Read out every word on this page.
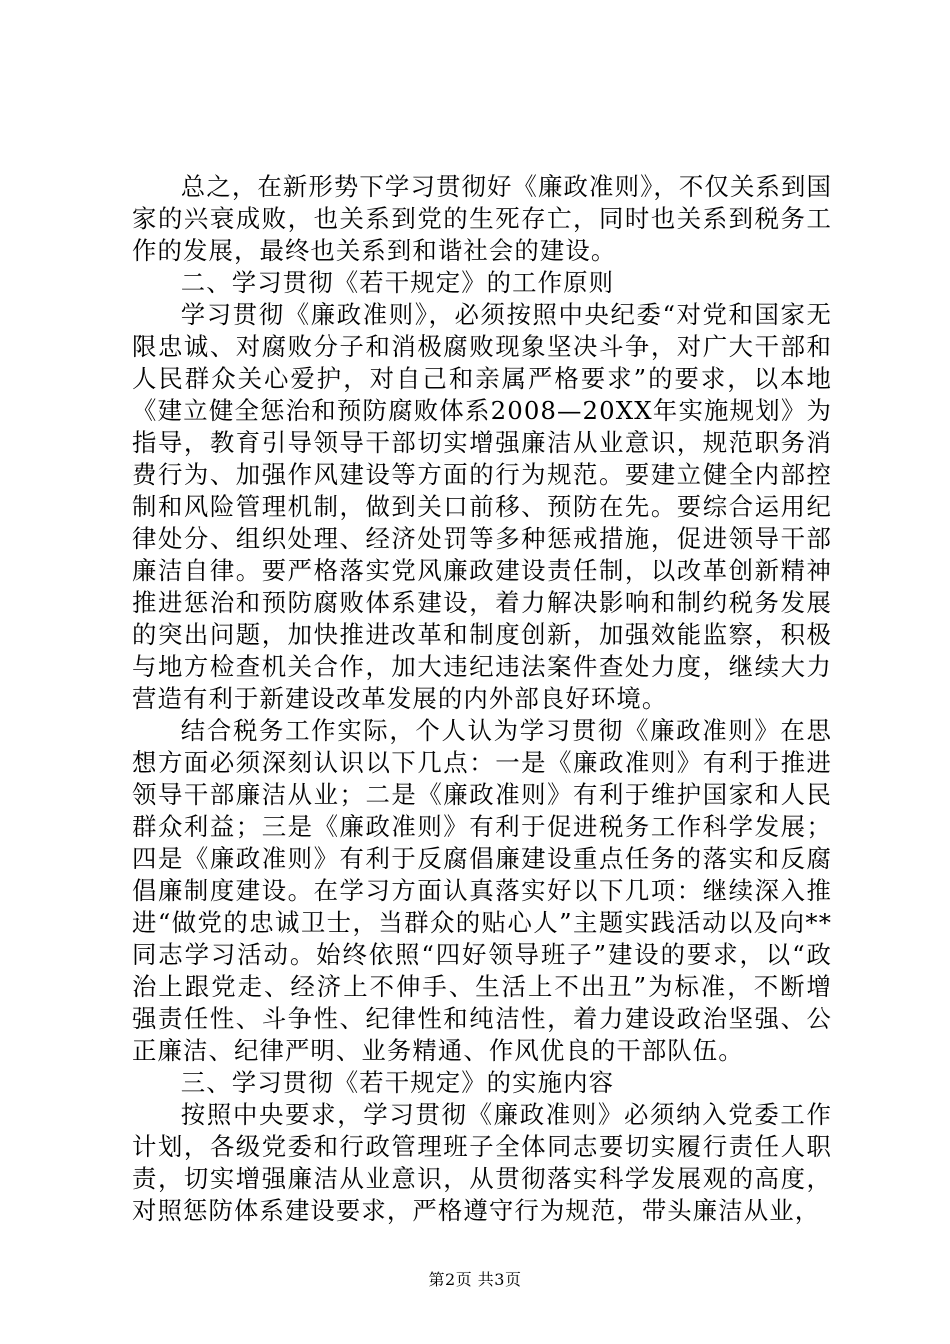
总之，在新形势下学习贯彻好《廉政准则》，不仅关系到国家的兴衰成败，也关系到党的生死存亡，同时也关系到税务工作的发展，最终也关系到和谐社会的建设。

二、学习贯彻《若干规定》的工作原则

学习贯彻《廉政准则》，必须按照中央纪委“对党和国家无限忠诚、对腐败分子和消极腐败现象坚决斗争，对广大干部和人民群众关心爱护，对自己和亲属严格要求”的要求，以本地《建立健全惩治和预防腐败体系2008—20XX年实施规划》为指导，教育引导领导干部切实增强廉洁从业意识，规范职务消费行为、加强作风建设等方面的行为规范。要建立健全内部控制和风险管理机制，做到关口前移、预防在先。要综合运用纪律处分、组织处理、经济处罚等多种惩戒措施，促进领导干部廉洁自律。要严格落实党风廉政建设责任制，以改革创新精神推进惩治和预防腐败体系建设，着力解决影响和制约税务发展的突出问题，加快推进改革和制度创新，加强效能监察，积极与地方检查机关合作，加大违纪违法案件查处力度，继续大力营造有利于新建设改革发展的内外部良好环境。

结合税务工作实际，个人认为学习贯彻《廉政准则》在思想方面必须深刻认识以下几点：一是《廉政准则》有利于推进领导干部廉洁从业；二是《廉政准则》有利于维护国家和人民群众利益；三是《廉政准则》有利于促进税务工作科学发展；四是《廉政准则》有利于反腐倡廉建设重点任务的落实和反腐倡廉制度建设。在学习方面认真落实好以下几项：继续深入推进“做党的忠诚卫士，当群众的贴心人”主题实践活动以及向**同志学习活动。始终依照“四好领导班子”建设的要求，以“政治上跟党走、经济上不伸手、生活上不出丑”为标准，不断增强责任性、斗争性、纪律性和纯洁性，着力建设政治坚强、公正廉洁、纪律严明、业务精通、作风优良的干部队伍。

三、学习贯彻《若干规定》的实施内容

按照中央要求，学习贯彻《廉政准则》必须纳入党委工作计划，各级党委和行政管理班子全体同志要切实履行责任人职责，切实增强廉洁从业意识，从贯彻落实科学发展观的高度，对照惩防体系建设要求，严格遵守行为规范，带头廉洁从业，

第2页 共3页
